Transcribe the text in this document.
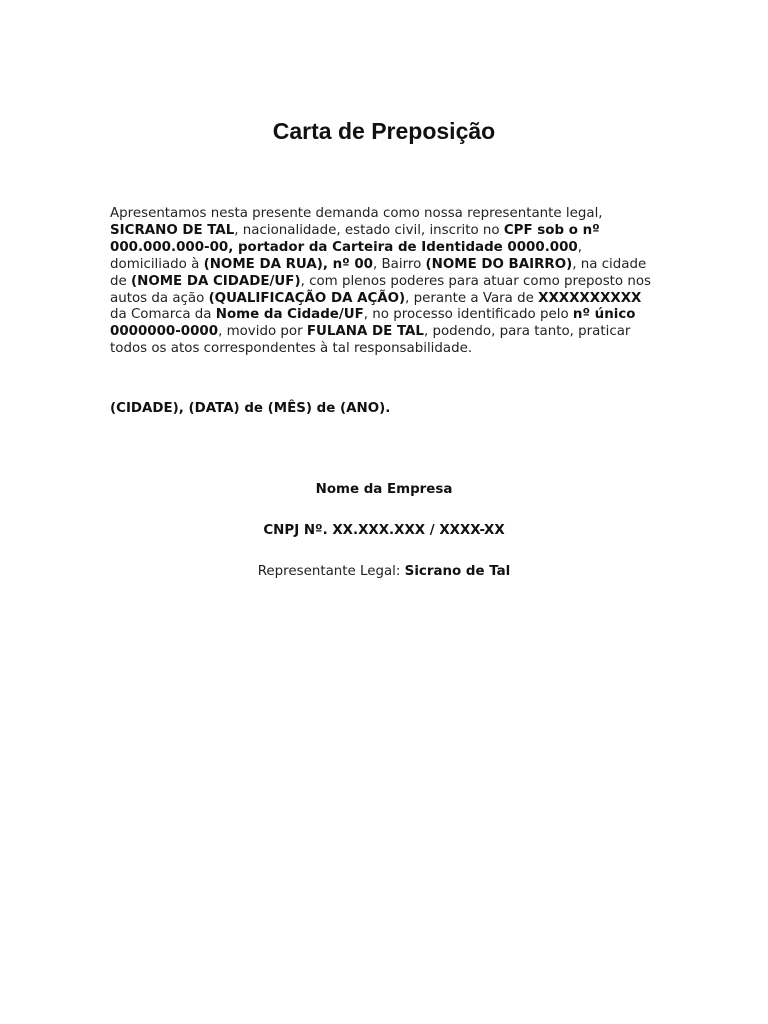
Carta de Preposição
Apresentamos nesta presente demanda como nossa representante legal, SICRANO DE TAL, nacionalidade, estado civil, inscrito no CPF sob o nº 000.000.000-00, portador da Carteira de Identidade 0000.000, domiciliado à (NOME DA RUA), nº 00, Bairro (NOME DO BAIRRO), na cidade de (NOME DA CIDADE/UF), com plenos poderes para atuar como preposto nos autos da ação (QUALIFICAÇÃO DA AÇÃO), perante a Vara de XXXXXXXXXX da Comarca da Nome da Cidade/UF, no processo identificado pelo nº único 0000000-0000, movido por FULANA DE TAL, podendo, para tanto, praticar todos os atos correspondentes à tal responsabilidade.
(CIDADE), (DATA) de (MÊS) de (ANO).
Nome da Empresa
CNPJ Nº. XX.XXX.XXX / XXXX-XX
Representante Legal: Sicrano de Tal
